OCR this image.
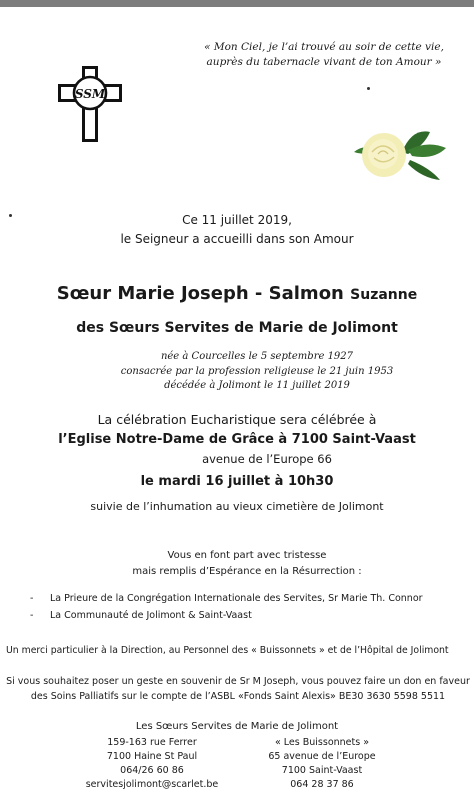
« Mon Ciel, je l’ai trouvé au soir de cette vie,
auprès du tabernacle vivant de ton Amour »
SSM
Ce 11 juillet 2019,
le Seigneur a accueilli dans son Amour
Sœur Marie Joseph - Salmon Suzanne
des Sœurs Servites de Marie de Jolimont
née à Courcelles le 5 septembre 1927
consacrée par la profession religieuse le 21 juin 1953
décédée à Jolimont le 11 juillet 2019
La célébration Eucharistique sera célébrée à
l’Eglise Notre-Dame de Grâce à 7100 Saint-Vaast
avenue de l’Europe 66
le mardi 16 juillet à 10h30
suivie de l’inhumation au vieux cimetière de Jolimont
Vous en font part avec tristesse
mais remplis d’Espérance en la Résurrection :
- La Prieure de la Congrégation Internationale des Servites, Sr Marie Th. Connor
- La Communauté de Jolimont & Saint-Vaast
Un merci particulier à la Direction, au Personnel des « Buissonnets » et de l’Hôpital de Jolimont
Si vous souhaitez poser un geste en souvenir de Sr M Joseph, vous pouvez faire un don en faveur
des Soins Palliatifs sur le compte de l’ASBL «Fonds Saint Alexis» BE30 3630 5598 5511
Les Sœurs Servites de Marie de Jolimont
159-163 rue Ferrer
7100 Haine St Paul
064/26 60 86
servitesjolimont@scarlet.be
« Les Buissonnets »
65 avenue de l’Europe
7100 Saint-Vaast
064 28 37 86
